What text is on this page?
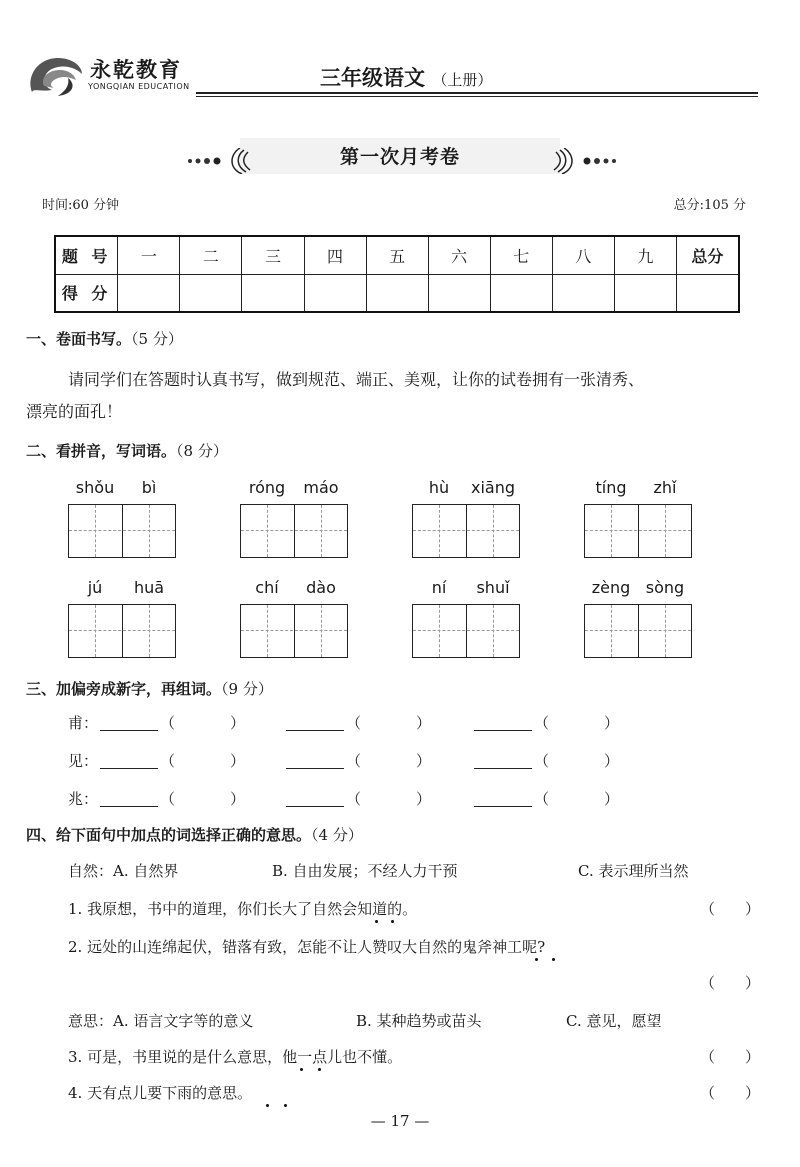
永乾教育
YONGQIAN EDUCATION	三年级语文 （上册）
第一次月考卷
时间:60 分钟	总分:105 分
题 号	一	二	三	四	五	六	七	八	九	总分
得 分										
一、卷面书写。（5 分）
请同学们在答题时认真书写，做到规范、端正、美观，让你的试卷拥有一张清秀、
漂亮的面孔！
二、看拼音，写词语。（8 分）
shǒu bì	róng máo	hù xiāng	tíng zhǐ
jú huā	chí dào	ní shuǐ	zèng sòng
三、加偏旁成新字，再组词。（9 分）
甫：	（	）	（	）	（	）
见：	（	）	（	）	（	）
兆：	（	）	（	）	（	）
四、给下面句中加点的词选择正确的意思。（4 分）
自然：A. 自然界	B. 自由发展；不经人力干预	C. 表示理所当然
1. 我原想，书中的道理，你们长大了自然会知道的。	（　　）
2. 远处的山连绵起伏，错落有致，怎能不让人赞叹大自然的鬼斧神工呢?
（　　）
意思：A. 语言文字等的意义	B. 某种趋势或苗头	C. 意见，愿望
3. 可是，书里说的是什么意思，他一点儿也不懂。	（　　）
4. 天有点儿要下雨的意思。	（　　）
— 17 —
